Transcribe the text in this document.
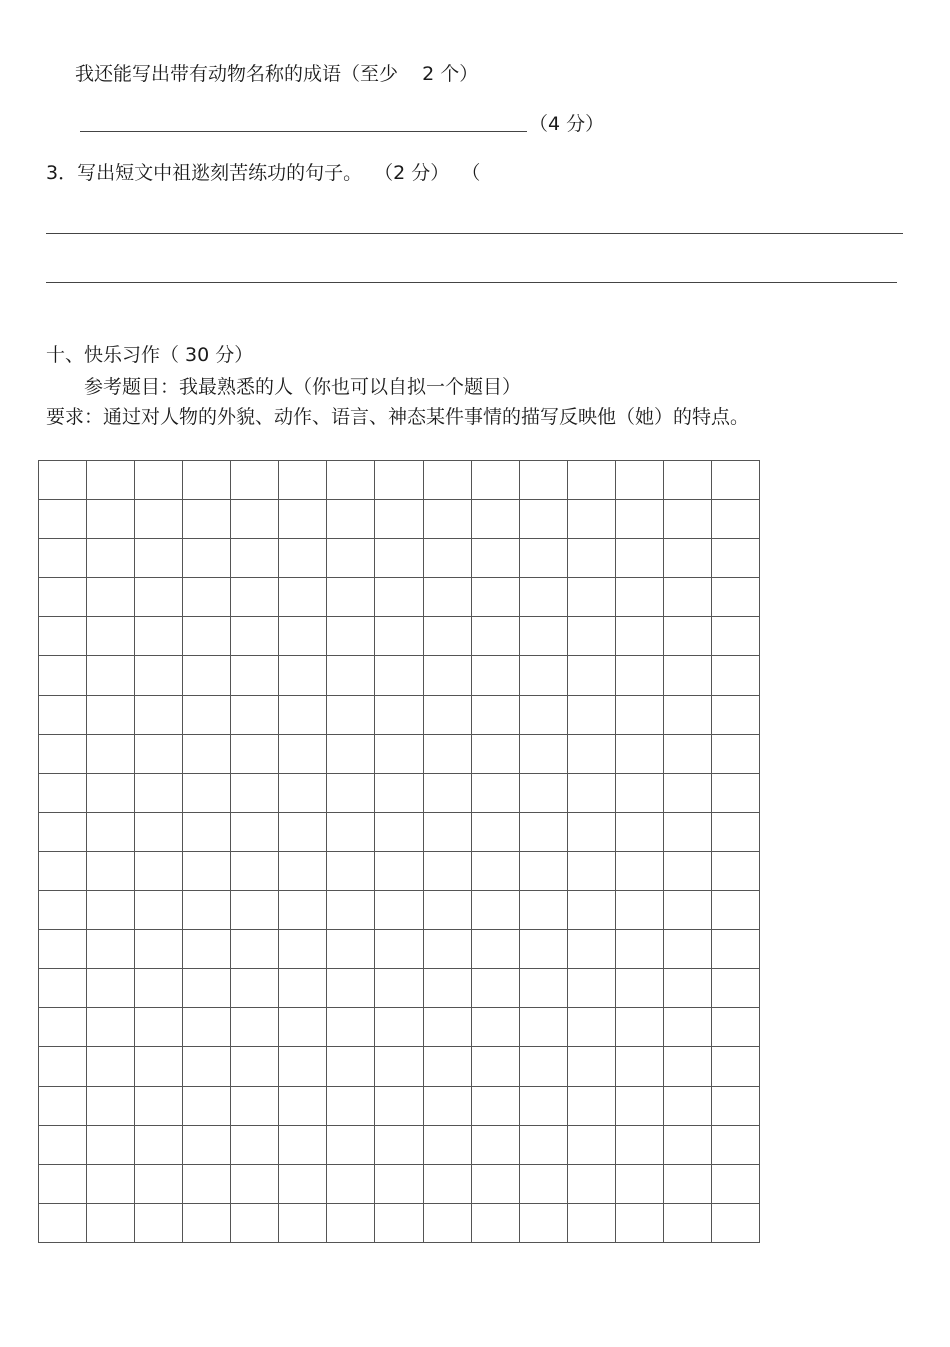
我还能写出带有动物名称的成语（至少    2 个）
（4 分）
3．写出短文中祖逖刻苦练功的句子。  （2 分）  （
十、快乐习作（ 30 分）
参考题目：我最熟悉的人（你也可以自拟一个题目）
要求：通过对人物的外貌、动作、语言、神态某件事情的描写反映他（她）的特点。
